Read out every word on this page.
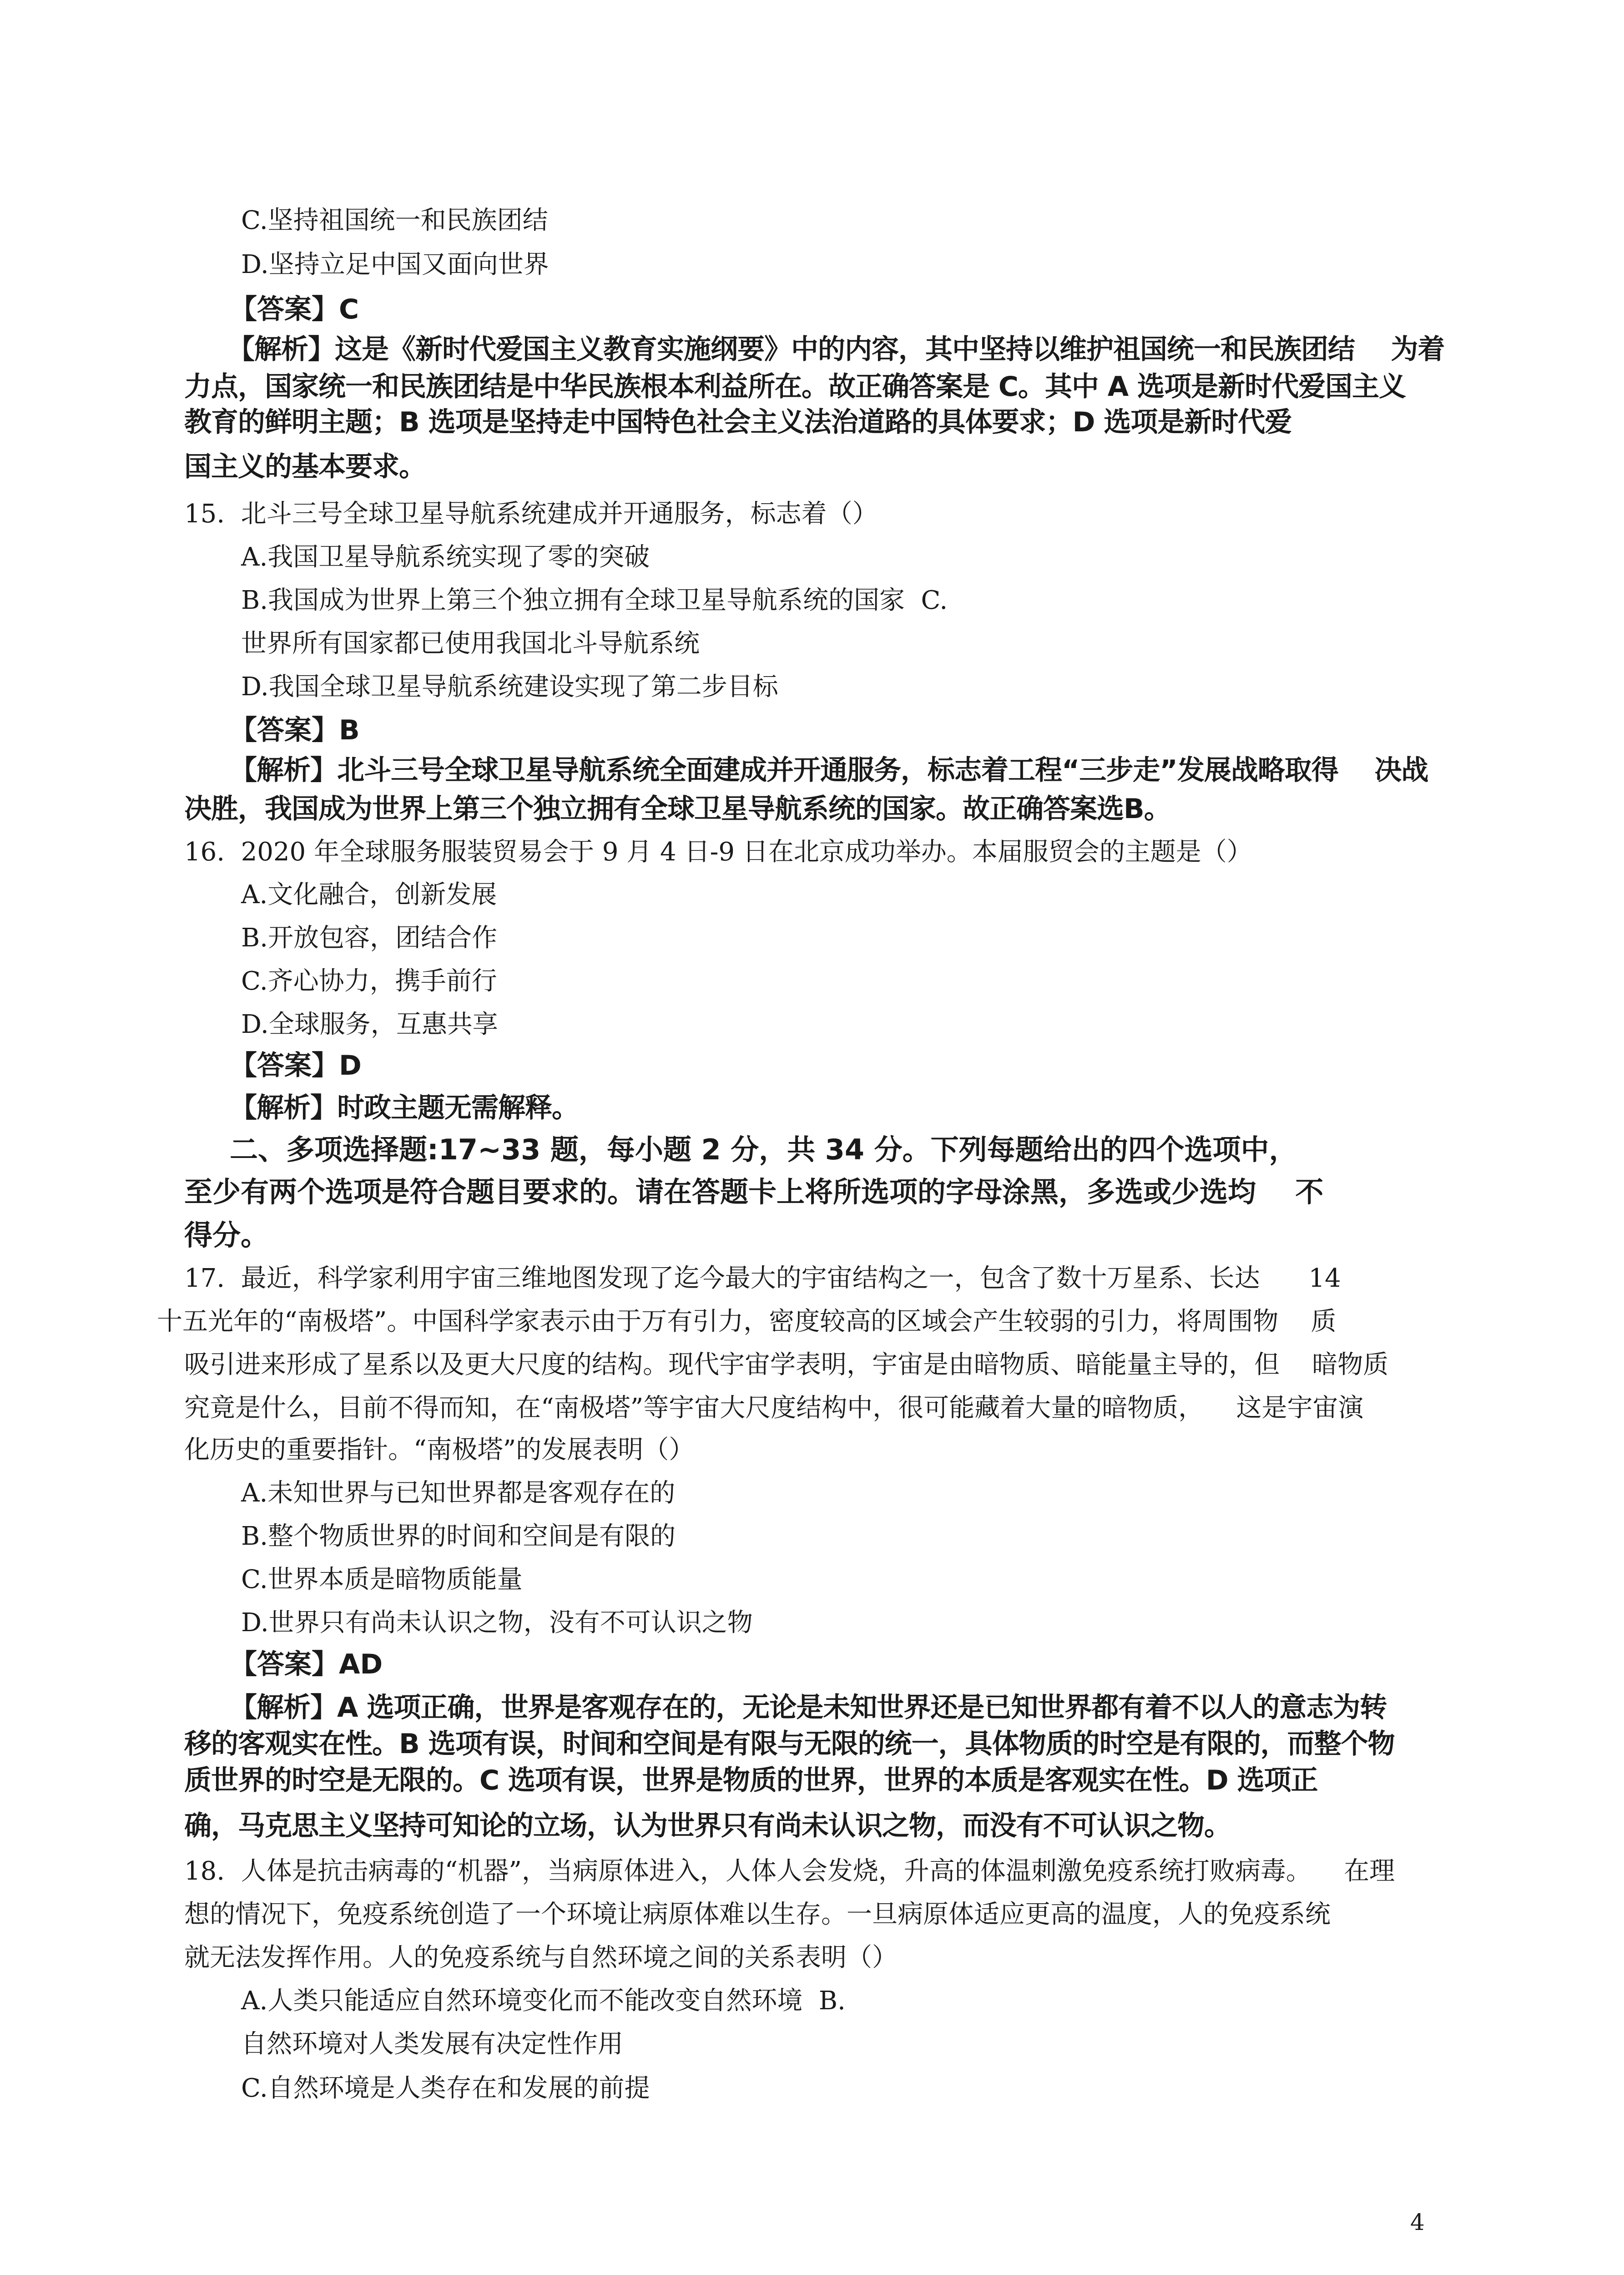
C.坚持祖国统一和民族团结

D.坚持立足中国又面向世界

【答案】C

【解析】这是《新时代爱国主义教育实施纲要》中的内容，其中坚持以维护祖国统一和民族团结    为着

力点，国家统一和民族团结是中华民族根本利益所在。故正确答案是 C。其中 A 选项是新时代爱国主义

教育的鲜明主题；B 选项是坚持走中国特色社会主义法治道路的具体要求；D 选项是新时代爱

国主义的基本要求。

15.  北斗三号全球卫星导航系统建成并开通服务，标志着（）

A.我国卫星导航系统实现了零的突破

B.我国成为世界上第三个独立拥有全球卫星导航系统的国家  C.

世界所有国家都已使用我国北斗导航系统

D.我国全球卫星导航系统建设实现了第二步目标

【答案】B

【解析】北斗三号全球卫星导航系统全面建成并开通服务，标志着工程“三步走”发展战略取得    决战

决胜，我国成为世界上第三个独立拥有全球卫星导航系统的国家。故正确答案选B。

16.  2020 年全球服务服装贸易会于 9 月 4 日-9 日在北京成功举办。本届服贸会的主题是（）

A.文化融合，创新发展

B.开放包容，团结合作

C.齐心协力，携手前行

D.全球服务，互惠共享

【答案】D

【解析】时政主题无需解释。

二、多项选择题:17~33 题，每小题 2 分，共 34 分。下列每题给出的四个选项中，

至少有两个选项是符合题目要求的。请在答题卡上将所选项的字母涂黑，多选或少选均    不

得分。

17.  最近，科学家利用宇宙三维地图发现了迄今最大的宇宙结构之一，包含了数十万星系、长达      14

十五光年的“南极塔”。中国科学家表示由于万有引力，密度较高的区域会产生较弱的引力，将周围物    质

吸引进来形成了星系以及更大尺度的结构。现代宇宙学表明，宇宙是由暗物质、暗能量主导的，但    暗物质

究竟是什么，目前不得而知，在“南极塔”等宇宙大尺度结构中，很可能藏着大量的暗物质，    这是宇宙演

化历史的重要指针。“南极塔”的发展表明（）

A.未知世界与已知世界都是客观存在的

B.整个物质世界的时间和空间是有限的

C.世界本质是暗物质能量

D.世界只有尚未认识之物，没有不可认识之物

【答案】AD

【解析】A 选项正确，世界是客观存在的，无论是未知世界还是已知世界都有着不以人的意志为转

移的客观实在性。B 选项有误，时间和空间是有限与无限的统一，具体物质的时空是有限的，而整个物

质世界的时空是无限的。C 选项有误，世界是物质的世界，世界的本质是客观实在性。D 选项正

确，马克思主义坚持可知论的立场，认为世界只有尚未认识之物，而没有不可认识之物。

18.  人体是抗击病毒的“机器”，当病原体进入，人体人会发烧，升高的体温刺激免疫系统打败病毒。    在理

想的情况下，免疫系统创造了一个环境让病原体难以生存。一旦病原体适应更高的温度，人的免疫系统

就无法发挥作用。人的免疫系统与自然环境之间的关系表明（）

A.人类只能适应自然环境变化而不能改变自然环境  B.

自然环境对人类发展有决定性作用

C.自然环境是人类存在和发展的前提

4
